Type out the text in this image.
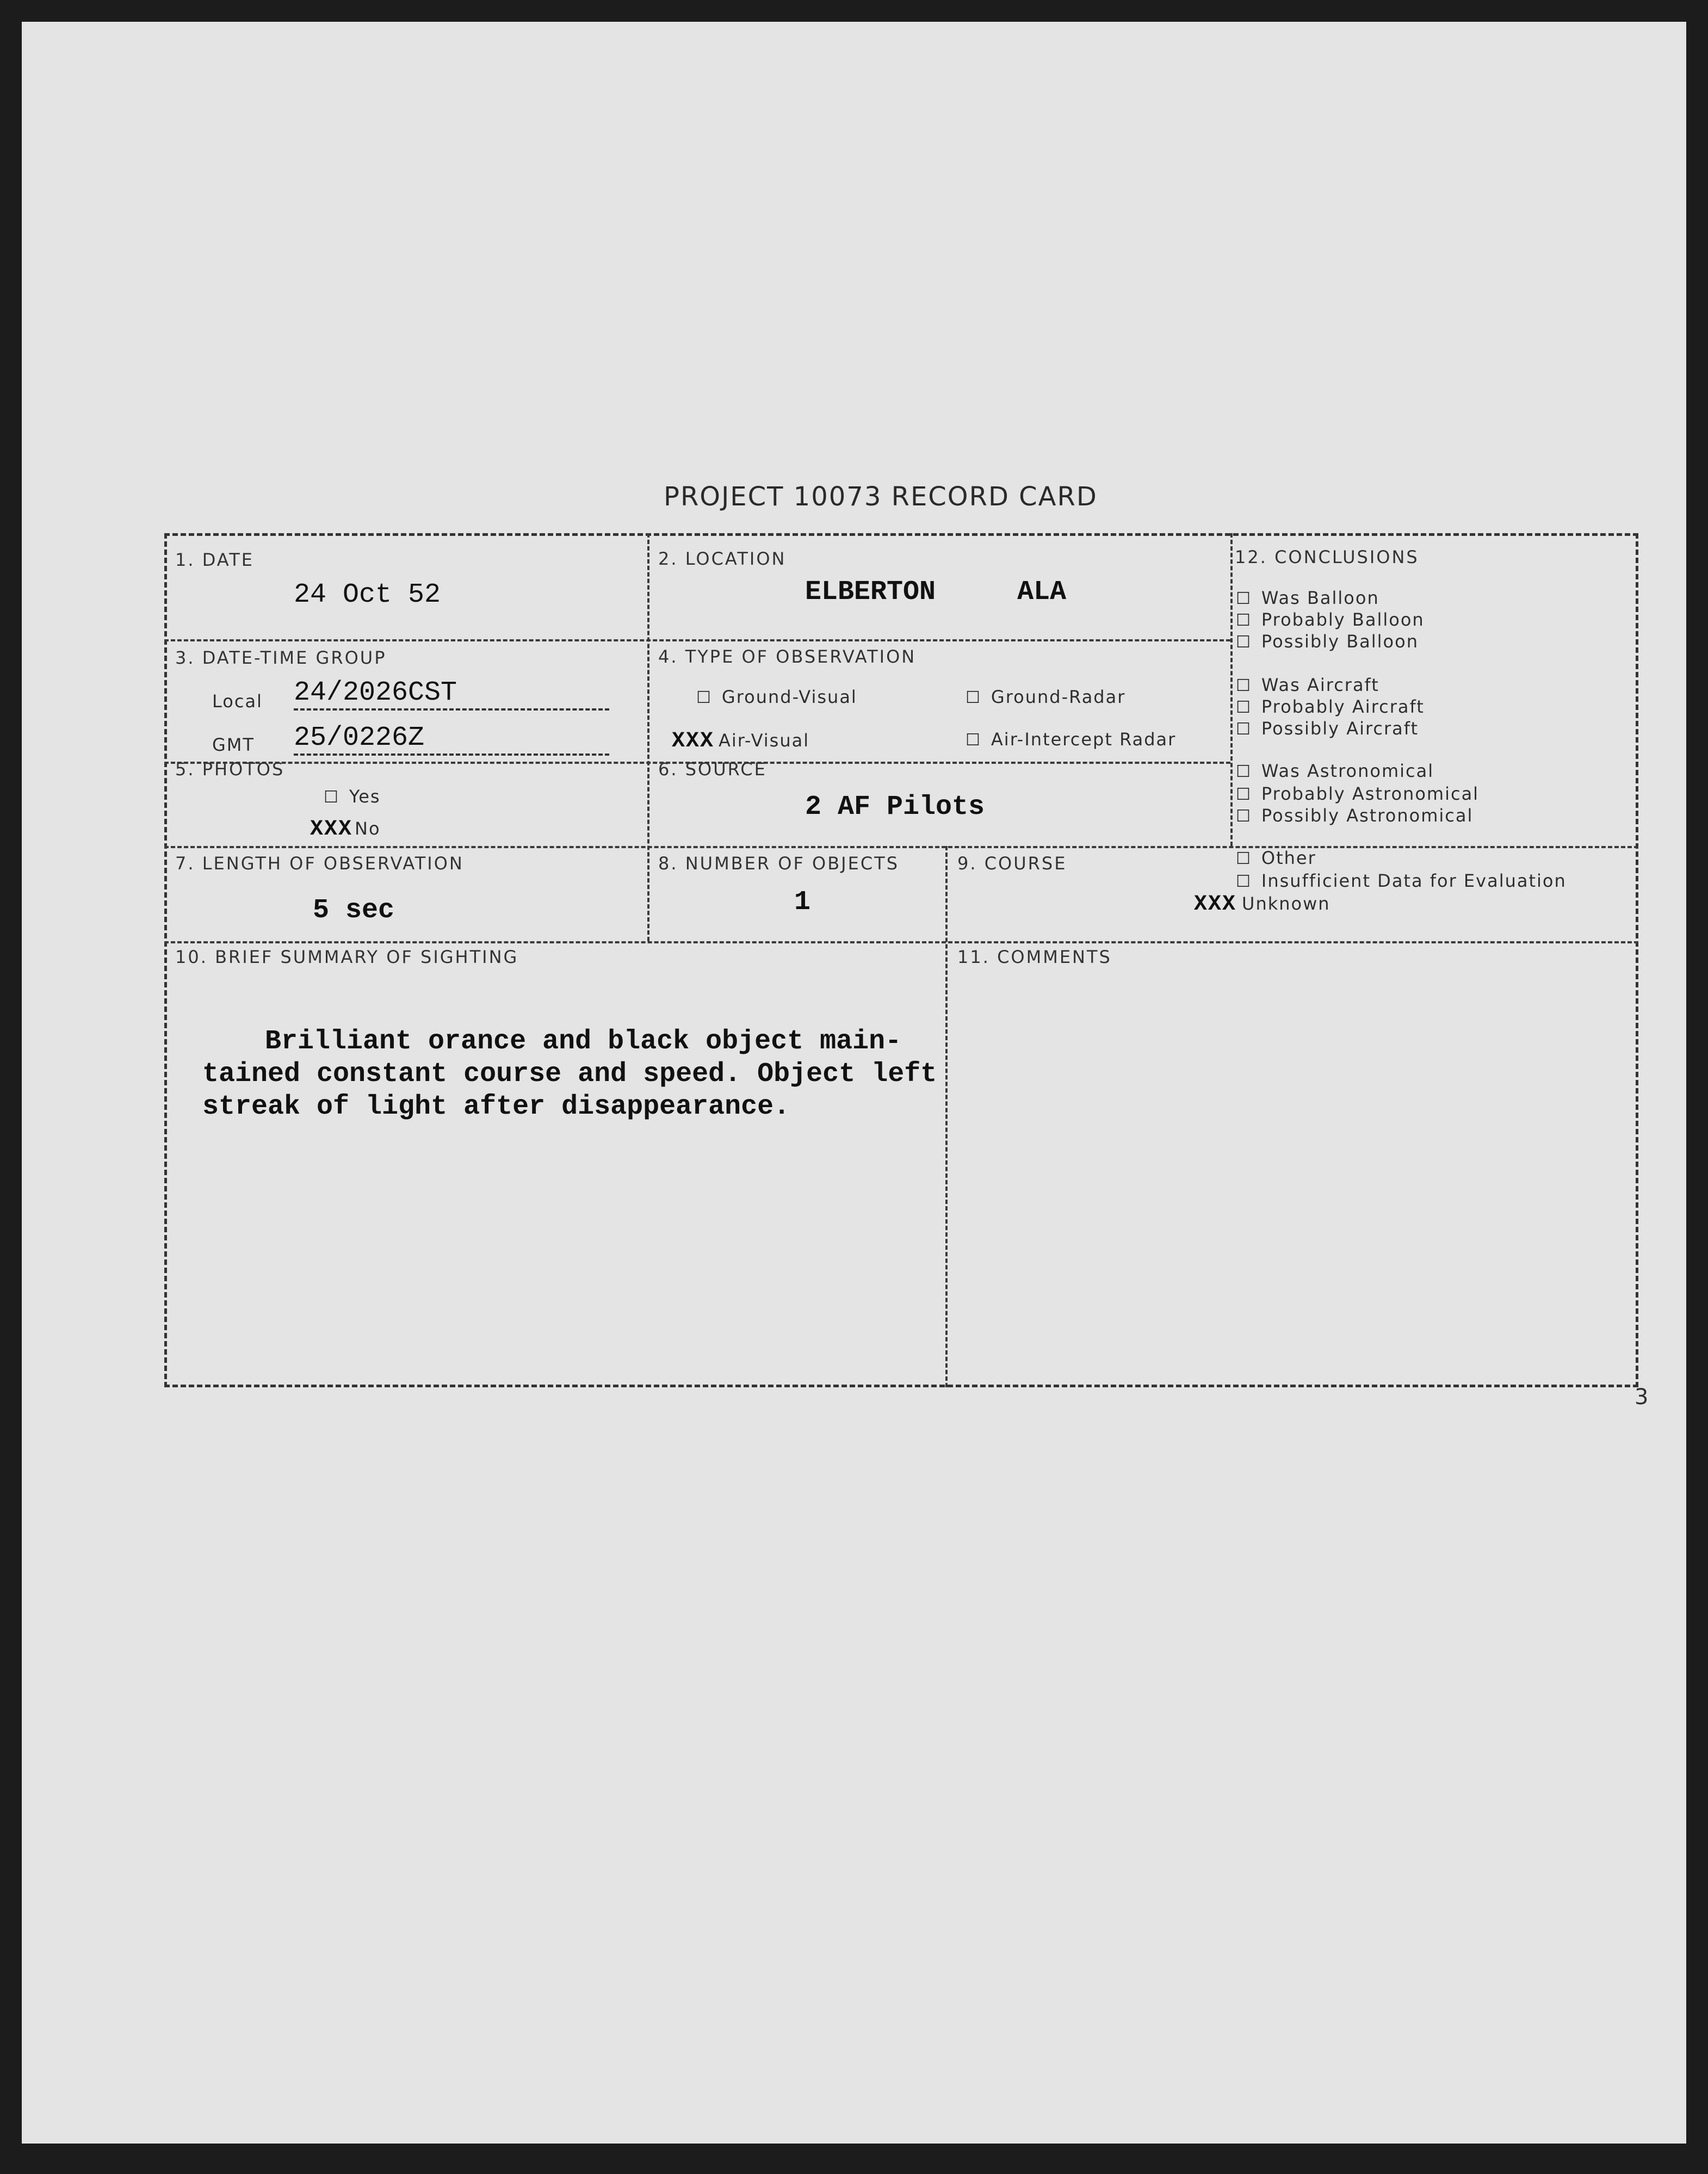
PROJECT 10073 RECORD CARD
1. DATE
24 Oct 52
2. LOCATION
ELBERTON     ALA
3. DATE-TIME GROUP
Local 24/2026CST
GMT 25/0226Z
4. TYPE OF OBSERVATION
☐ Ground-Visual	☐ Ground-Radar
XXX Air-Visual	☐ Air-Intercept Radar
5. PHOTOS
☐ Yes
XXX No
6. SOURCE
2 AF Pilots
7. LENGTH OF OBSERVATION
5 sec
8. NUMBER OF OBJECTS
1
9. COURSE
12. CONCLUSIONS
☐ Was Balloon
☐ Probably Balloon
☐ Possibly Balloon
☐ Was Aircraft
☐ Probably Aircraft
☐ Possibly Aircraft
☐ Was Astronomical
☐ Probably Astronomical
☐ Possibly Astronomical
☐ Other
☐ Insufficient Data for Evaluation
XXX Unknown
10. BRIEF SUMMARY OF SIGHTING
Brilliant orance and black object main-
tained constant course and speed. Object left
streak of light after disappearance.
11. COMMENTS
3
